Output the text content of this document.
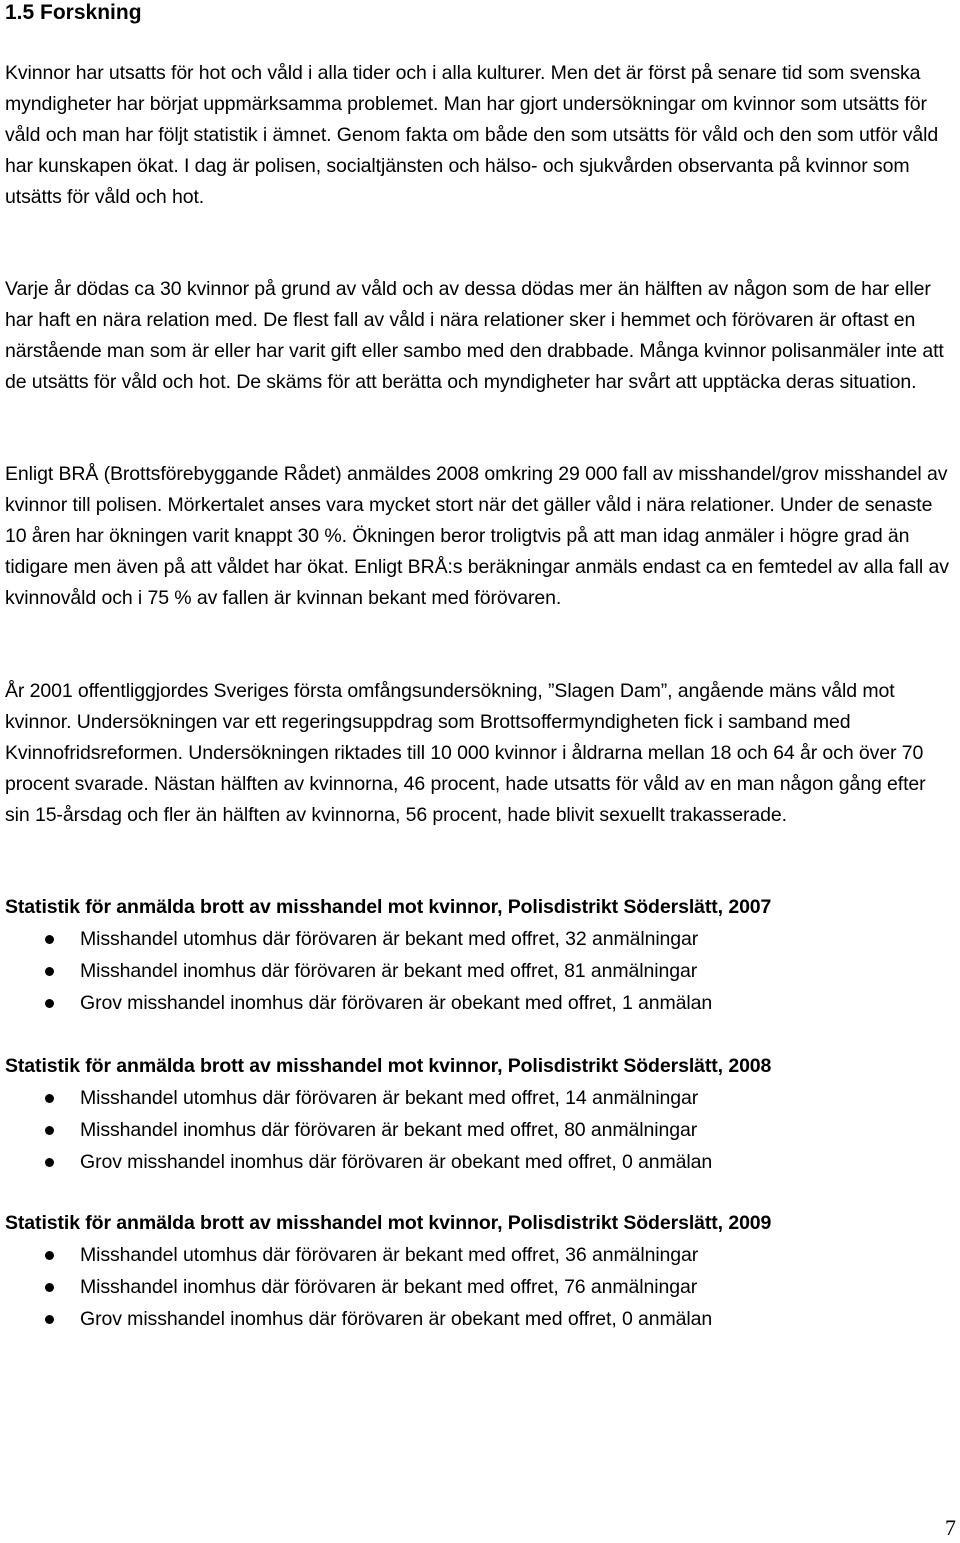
1.5 Forskning

Kvinnor har utsatts för hot och våld i alla tider och i alla kulturer. Men det är först på senare tid som svenska myndigheter har börjat uppmärksamma problemet. Man har gjort undersökningar om kvinnor som utsätts för våld och man har följt statistik i ämnet. Genom fakta om både den som utsätts för våld och den som utför våld har kunskapen ökat. I dag är polisen, socialtjänsten och hälso- och sjukvården observanta på kvinnor som utsätts för våld och hot.

Varje år dödas ca 30 kvinnor på grund av våld och av dessa dödas mer än hälften av någon som de har eller har haft en nära relation med. De flest fall av våld i nära relationer sker i hemmet och förövaren är oftast en närstående man som är eller har varit gift eller sambo med den drabbade. Många kvinnor polisanmäler inte att de utsätts för våld och hot. De skäms för att berätta och myndigheter har svårt att upptäcka deras situation.

Enligt BRÅ (Brottsförebyggande Rådet) anmäldes 2008 omkring 29 000 fall av misshandel/grov misshandel av kvinnor till polisen. Mörkertalet anses vara mycket stort när det gäller våld i nära relationer. Under de senaste 10 åren har ökningen varit knappt 30 %. Ökningen beror troligtvis på att man idag anmäler i högre grad än tidigare men även på att våldet har ökat. Enligt BRÅ:s beräkningar anmäls endast ca en femtedel av alla fall av kvinnovåld och i 75 % av fallen är kvinnan bekant med förövaren.

År 2001 offentliggjordes Sveriges första omfångsundersökning, ”Slagen Dam”, angående mäns våld mot kvinnor. Undersökningen var ett regeringsuppdrag som Brottsoffermyndigheten fick i samband med Kvinnofridsreformen. Undersökningen riktades till 10 000 kvinnor i åldrarna mellan 18 och 64 år och över 70 procent svarade. Nästan hälften av kvinnorna, 46 procent, hade utsatts för våld av en man någon gång efter sin 15-årsdag och fler än hälften av kvinnorna, 56 procent, hade blivit sexuellt trakasserade.

Statistik för anmälda brott av misshandel mot kvinnor, Polisdistrikt Söderslätt, 2007
Misshandel utomhus där förövaren är bekant med offret, 32 anmälningar
Misshandel inomhus där förövaren är bekant med offret, 81 anmälningar
Grov misshandel inomhus där förövaren är obekant med offret, 1 anmälan
Statistik för anmälda brott av misshandel mot kvinnor, Polisdistrikt Söderslätt, 2008
Misshandel utomhus där förövaren är bekant med offret, 14 anmälningar
Misshandel inomhus där förövaren är bekant med offret, 80 anmälningar
Grov misshandel inomhus där förövaren är obekant med offret, 0 anmälan
Statistik för anmälda brott av misshandel mot kvinnor, Polisdistrikt Söderslätt, 2009
Misshandel utomhus där förövaren är bekant med offret, 36 anmälningar
Misshandel inomhus där förövaren är bekant med offret, 76 anmälningar
Grov misshandel inomhus där förövaren är obekant med offret, 0 anmälan
7
